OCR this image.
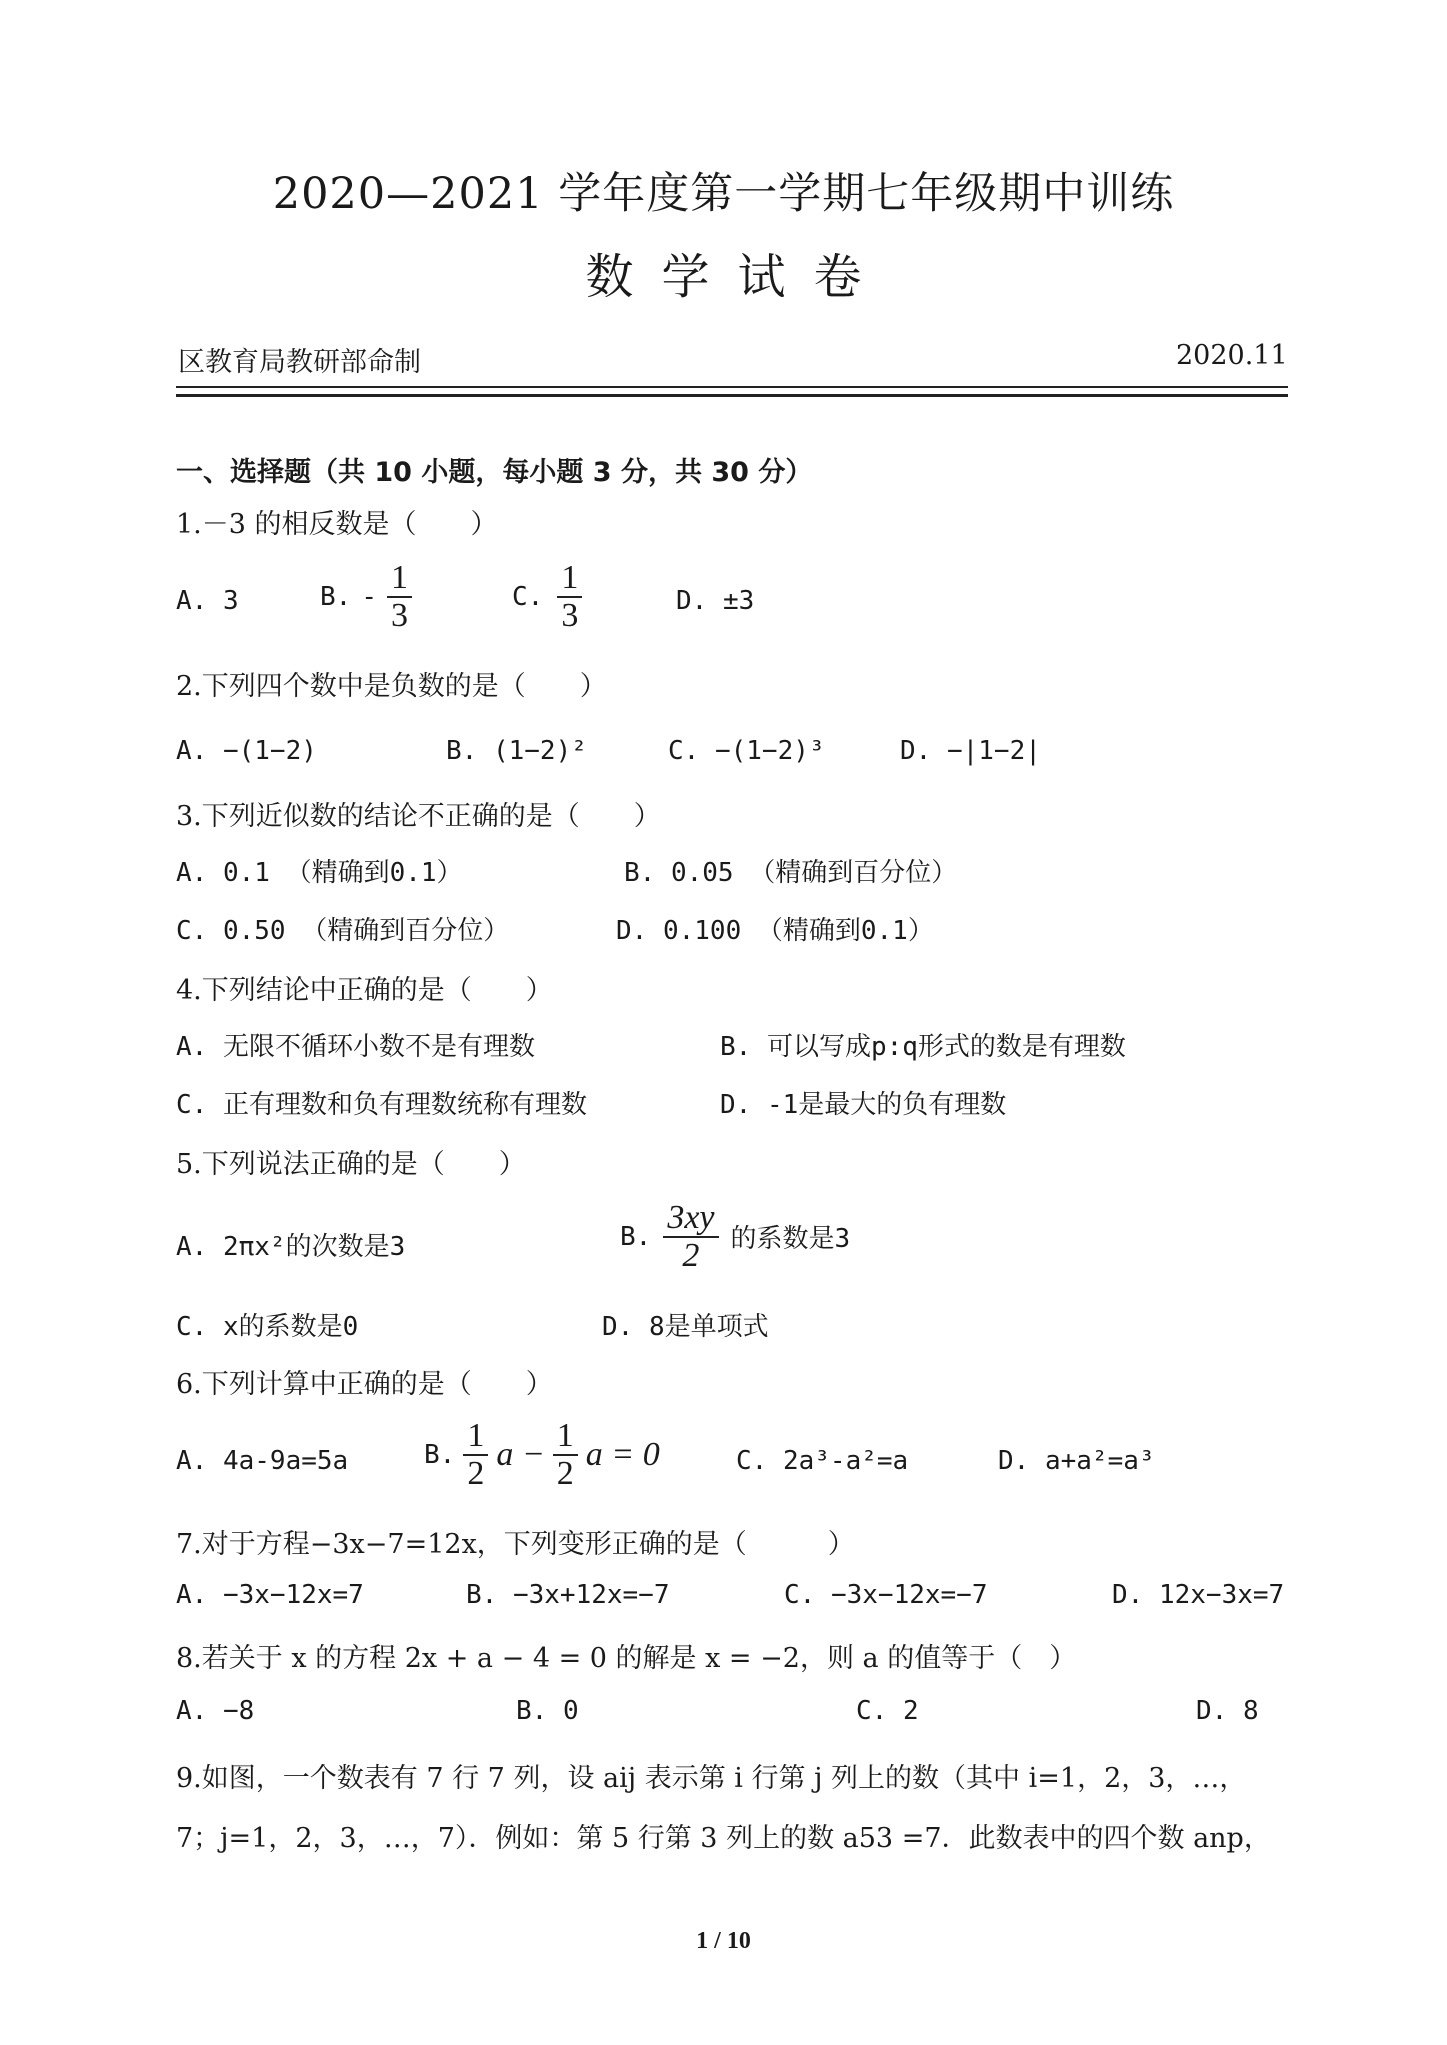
2020—2021 学年度第一学期七年级期中训练
数学试卷
区教育局教研部命制	2020.11
一、选择题（共 10 小题，每小题 3 分，共 30 分）
1.－3 的相反数是（　　）
A. 3	B. - $\frac{1}{3}$	C. $\frac{1}{3}$	D. ±3
2.下列四个数中是负数的是（　　）
A. −(1−2)	B. (1−2)²	C. −(1−2)³	D. −|1−2|
3.下列近似数的结论不正确的是（　　）
A. 0.1 （精确到0.1）	B. 0.05 （精确到百分位）
C. 0.50 （精确到百分位）	D. 0.100 （精确到0.1）
4.下列结论中正确的是（　　）
A. 无限不循环小数不是有理数	B. 可以写成p:q形式的数是有理数
C. 正有理数和负有理数统称有理数	D. -1是最大的负有理数
5.下列说法正确的是（　　）
A. 2πx²的次数是3	B. $\frac{3xy}{2}$ 的系数是3
C. x的系数是0	D. 8是单项式
6.下列计算中正确的是（　　）
A. 4a-9a=5a	B. $\frac{1}{2}$ $a - \frac{1}{2}$ a = 0	C. 2a³-a²=a	D. a+a²=a³
7.对于方程−3x−7=12x，下列变形正确的是（　　　）
A. −3x−12x=7	B. −3x+12x=−7	C. −3x−12x=−7	D. 12x−3x=7
8.若关于 x 的方程 2x + a − 4 = 0 的解是 x = −2，则 a 的值等于（　）
A. −8	B. 0	C. 2	D. 8
9.如图，一个数表有 7 行 7 列，设 aij 表示第 i 行第 j 列上的数（其中 i=1，2，3，…，
7；j=1，2，3，…，7）．例如：第 5 行第 3 列上的数 a53 =7．此数表中的四个数 anp，
1 / 10
